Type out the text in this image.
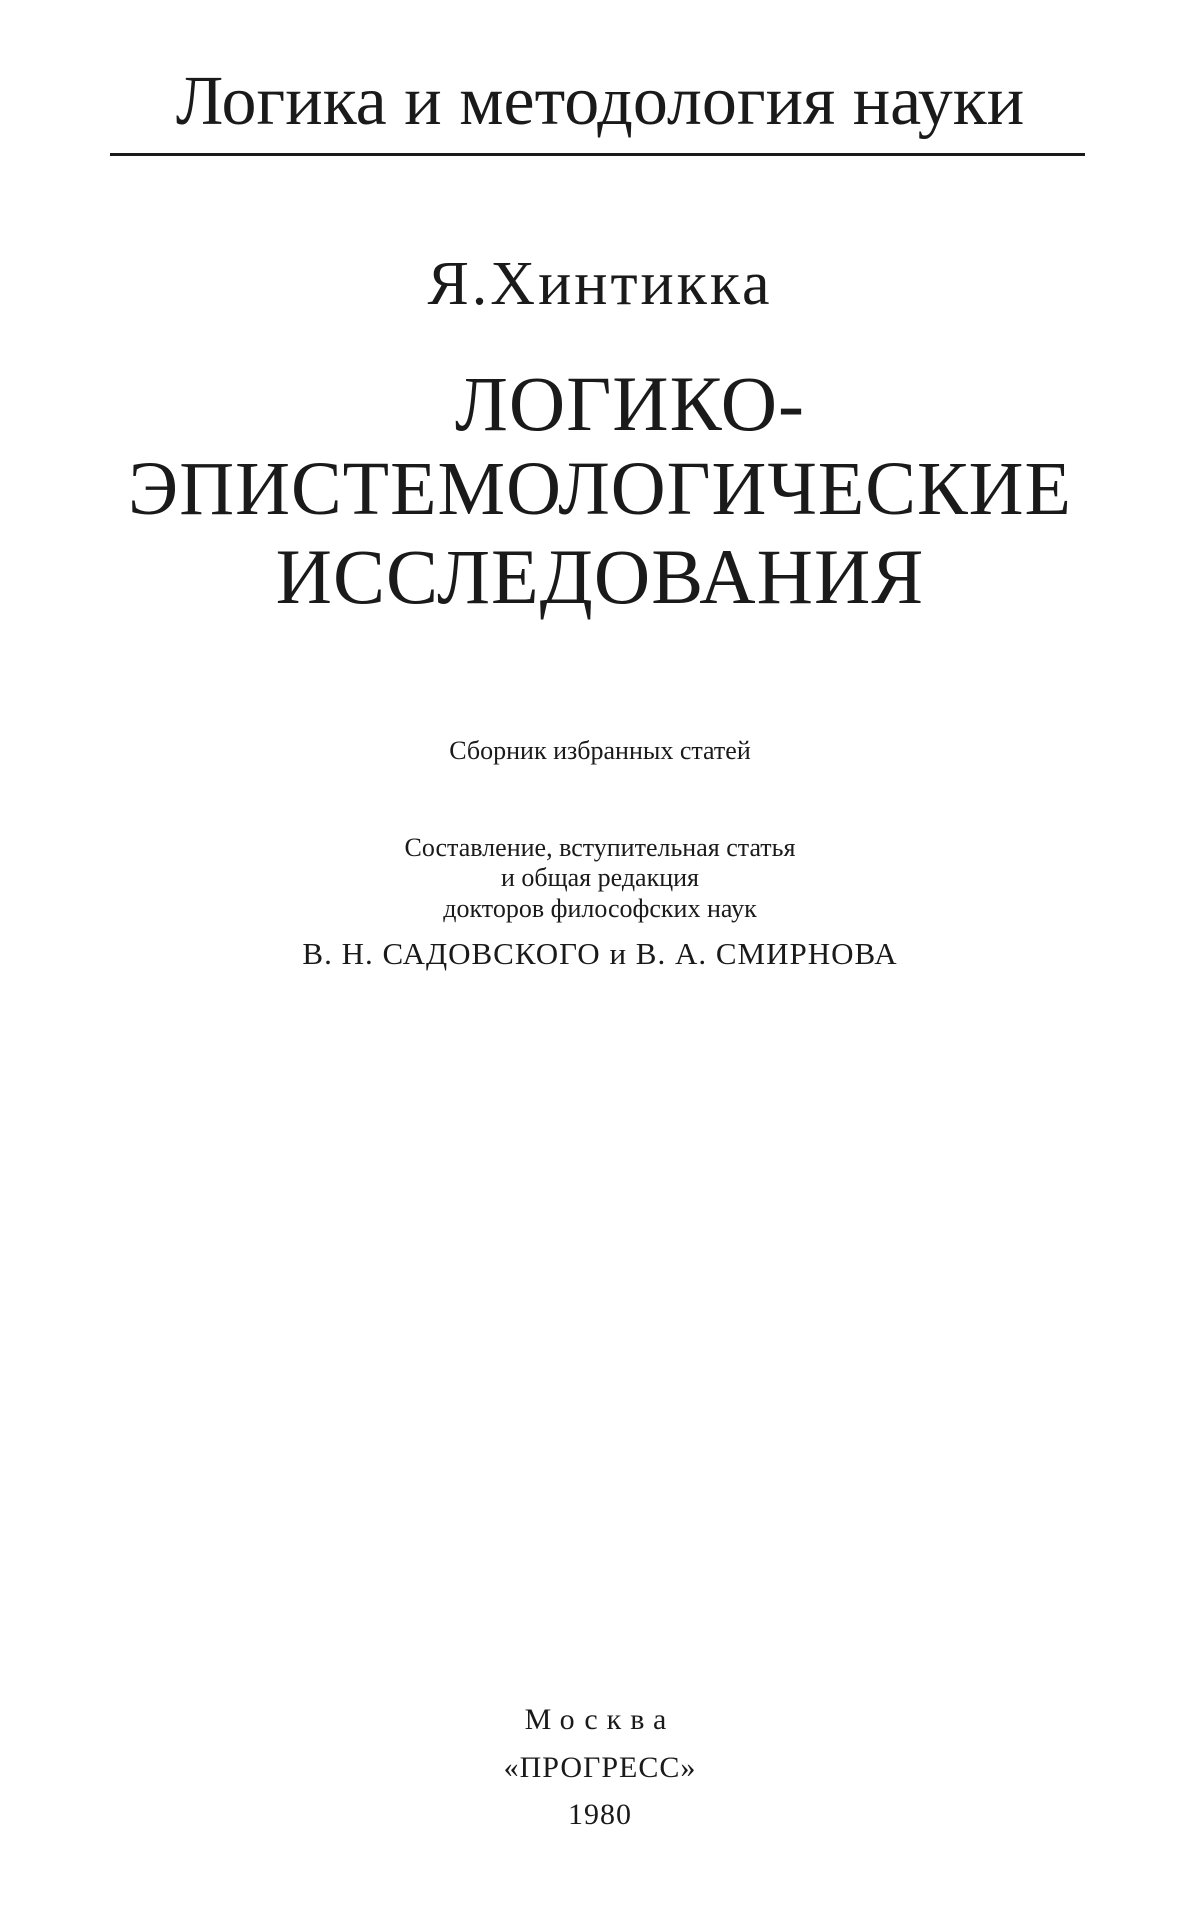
Логика и методология науки
Я.Хинтикка
ЛОГИКО-
ЭПИСТЕМОЛОГИЧЕСКИЕ
ИССЛЕДОВАНИЯ
Сборник избранных статей
Составление, вступительная статья
и общая редакция
докторов философских наук
В. Н. САДОВСКОГО и В. А. СМИРНОВА
Москва
«ПРОГРЕСС»
1980
